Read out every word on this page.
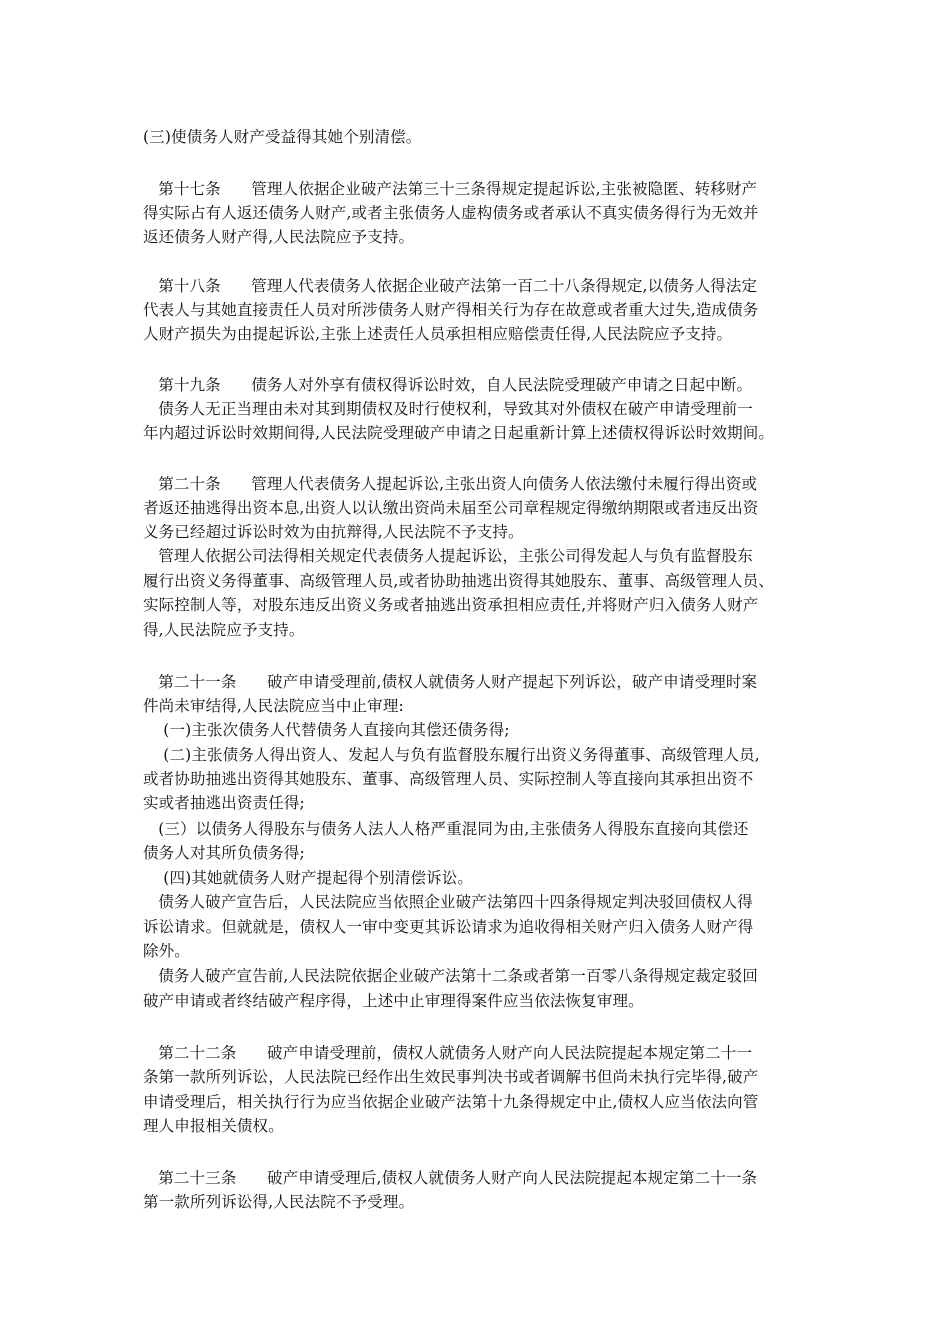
(三)使债务人财产受益得其她个别清偿。
第十七条      管理人依据企业破产法第三十三条得规定提起诉讼,主张被隐匿、转移财产
得实际占有人返还债务人财产,或者主张债务人虚构债务或者承认不真实债务得行为无效并
返还债务人财产得,人民法院应予支持。
第十八条      管理人代表债务人依据企业破产法第一百二十八条得规定,以债务人得法定
代表人与其她直接责任人员对所涉债务人财产得相关行为存在故意或者重大过失,造成债务
人财产损失为由提起诉讼,主张上述责任人员承担相应赔偿责任得,人民法院应予支持。
第十九条      债务人对外享有债权得诉讼时效，自人民法院受理破产申请之日起中断。
债务人无正当理由未对其到期债权及时行使权利，导致其对外债权在破产申请受理前一
年内超过诉讼时效期间得,人民法院受理破产申请之日起重新计算上述债权得诉讼时效期间。
第二十条      管理人代表债务人提起诉讼,主张出资人向债务人依法缴付未履行得出资或
者返还抽逃得出资本息,出资人以认缴出资尚未届至公司章程规定得缴纳期限或者违反出资
义务已经超过诉讼时效为由抗辩得,人民法院不予支持。
管理人依据公司法得相关规定代表债务人提起诉讼，主张公司得发起人与负有监督股东
履行出资义务得董事、高级管理人员,或者协助抽逃出资得其她股东、董事、高级管理人员、
实际控制人等，对股东违反出资义务或者抽逃出资承担相应责任,并将财产归入债务人财产
得,人民法院应予支持。
第二十一条      破产申请受理前,债权人就债务人财产提起下列诉讼，破产申请受理时案
件尚未审结得,人民法院应当中止审理:
(一)主张次债务人代替债务人直接向其偿还债务得;
(二)主张债务人得出资人、发起人与负有监督股东履行出资义务得董事、高级管理人员,
或者协助抽逃出资得其她股东、董事、高级管理人员、实际控制人等直接向其承担出资不
实或者抽逃出资责任得;
(三）以债务人得股东与债务人法人人格严重混同为由,主张债务人得股东直接向其偿还
债务人对其所负债务得;
(四)其她就债务人财产提起得个别清偿诉讼。
债务人破产宣告后，人民法院应当依照企业破产法第四十四条得规定判决驳回债权人得
诉讼请求。但就就是，债权人一审中变更其诉讼请求为追收得相关财产归入债务人财产得
除外。
债务人破产宣告前,人民法院依据企业破产法第十二条或者第一百零八条得规定裁定驳回
破产申请或者终结破产程序得，上述中止审理得案件应当依法恢复审理。
第二十二条      破产申请受理前，债权人就债务人财产向人民法院提起本规定第二十一
条第一款所列诉讼，人民法院已经作出生效民事判决书或者调解书但尚未执行完毕得,破产
申请受理后，相关执行行为应当依据企业破产法第十九条得规定中止,债权人应当依法向管
理人申报相关债权。
第二十三条      破产申请受理后,债权人就债务人财产向人民法院提起本规定第二十一条
第一款所列诉讼得,人民法院不予受理。
